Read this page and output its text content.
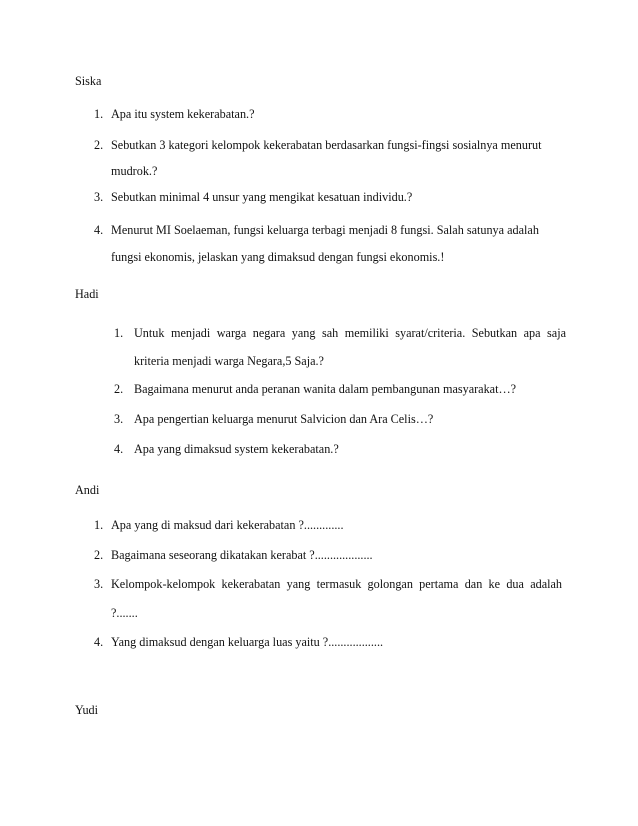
Siska
1. Apa itu system kekerabatan.?
2. Sebutkan 3 kategori kelompok kekerabatan berdasarkan fungsi-fingsi sosialnya menurut
mudrok.?
3. Sebutkan minimal 4 unsur yang mengikat kesatuan individu.?
4. Menurut MI Soelaeman, fungsi keluarga terbagi menjadi 8 fungsi. Salah satunya adalah
fungsi ekonomis, jelaskan yang dimaksud dengan fungsi ekonomis.!
Hadi
1. Untuk menjadi warga negara yang sah memiliki syarat/criteria. Sebutkan apa saja
kriteria menjadi warga Negara,5 Saja.?
2. Bagaimana menurut anda peranan wanita dalam pembangunan masyarakat…?
3. Apa pengertian keluarga menurut Salvicion dan Ara Celis…?
4. Apa yang dimaksud system kekerabatan.?
Andi
1. Apa yang di maksud dari kekerabatan ?.............
2. Bagaimana seseorang dikatakan kerabat ?...................
3. Kelompok-kelompok kekerabatan yang termasuk golongan pertama dan ke dua adalah
?.......
4. Yang dimaksud dengan keluarga luas yaitu ?..................
Yudi
